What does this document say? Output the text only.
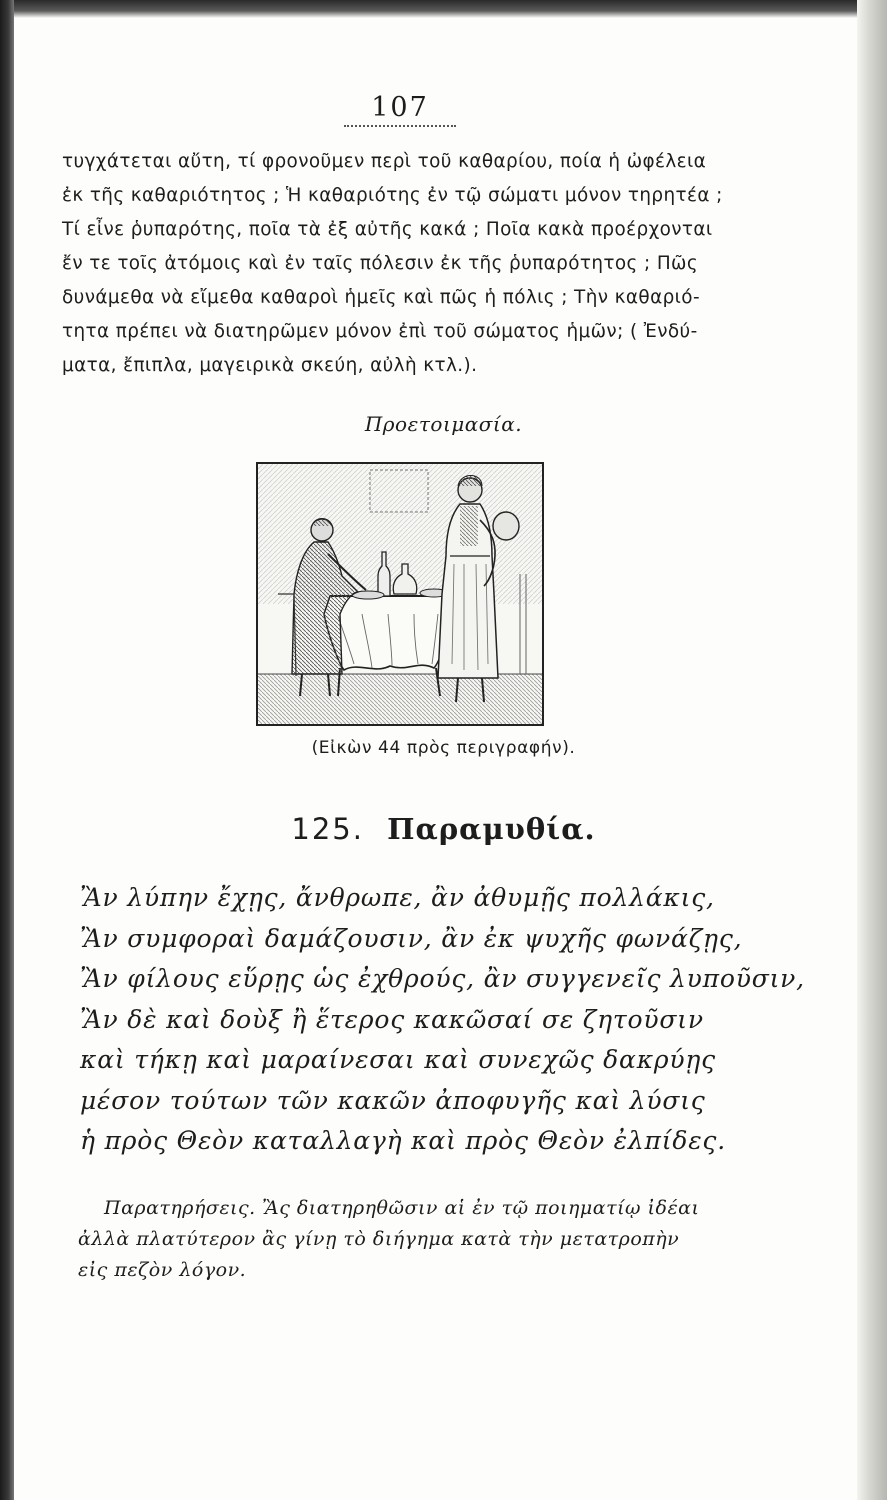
107
τυγχάτεται αὔτη, τί φρονοῦμεν περὶ τοῦ καθαρίου, ποία ἡ ὠφέλεια
ἐκ τῆς καθαριότητος ; Ἡ καθαριότης ἐν τῷ σώματι μόνον τηρητέα ;
Τί εἶνε ῥυπαρότης, ποῖα τὰ ἐξ αὐτῆς κακά ; Ποῖα κακὰ προέρχονται
ἔν τε τοῖς ἀτόμοις καὶ ἐν ταῖς πόλεσιν ἐκ τῆς ῥυπαρότητος ; Πῶς
δυνάμεθα νὰ εἴμεθα καθαροὶ ἡμεῖς καὶ πῶς ἡ πόλις ; Τὴν καθαριό-
τητα πρέπει νὰ διατηρῶμεν μόνον ἐπὶ τοῦ σώματος ἡμῶν; ( Ἐνδύ-
ματα, ἔπιπλα, μαγειρικὰ σκεύη, αὐλὴ κτλ.).
Προετοιμασία.
(Εἰκὼν 44 πρὸς περιγραφήν).
125. Παραμυθία.
Ἂν λύπην ἔχῃς, ἄνθρωπε, ἂν ἀθυμῇς πολλάκις,
Ἂν συμφοραὶ δαμάζουσιν, ἂν ἐκ ψυχῆς φωνάζῃς,
Ἂν φίλους εὕρῃς ὡς ἐχθρούς, ἂν συγγενεῖς λυποῦσιν,
Ἂν δὲ καὶ δοὺξ ἢ ἕτερος κακῶσαί σε ζητοῦσιν
καὶ τήκῃ καὶ μαραίνεσαι καὶ συνεχῶς δακρύῃς
μέσον τούτων τῶν κακῶν ἀποφυγῆς καὶ λύσις
ἡ πρὸς Θεὸν καταλλαγὴ καὶ πρὸς Θεὸν ἐλπίδες.
Παρατηρήσεις. Ἂς διατηρηθῶσιν αἱ ἐν τῷ ποιηματίῳ ἰδέαι
ἀλλὰ πλατύτερον ἂς γίνῃ τὸ διήγημα κατὰ τὴν μετατροπὴν
εἰς πεζὸν λόγον.
